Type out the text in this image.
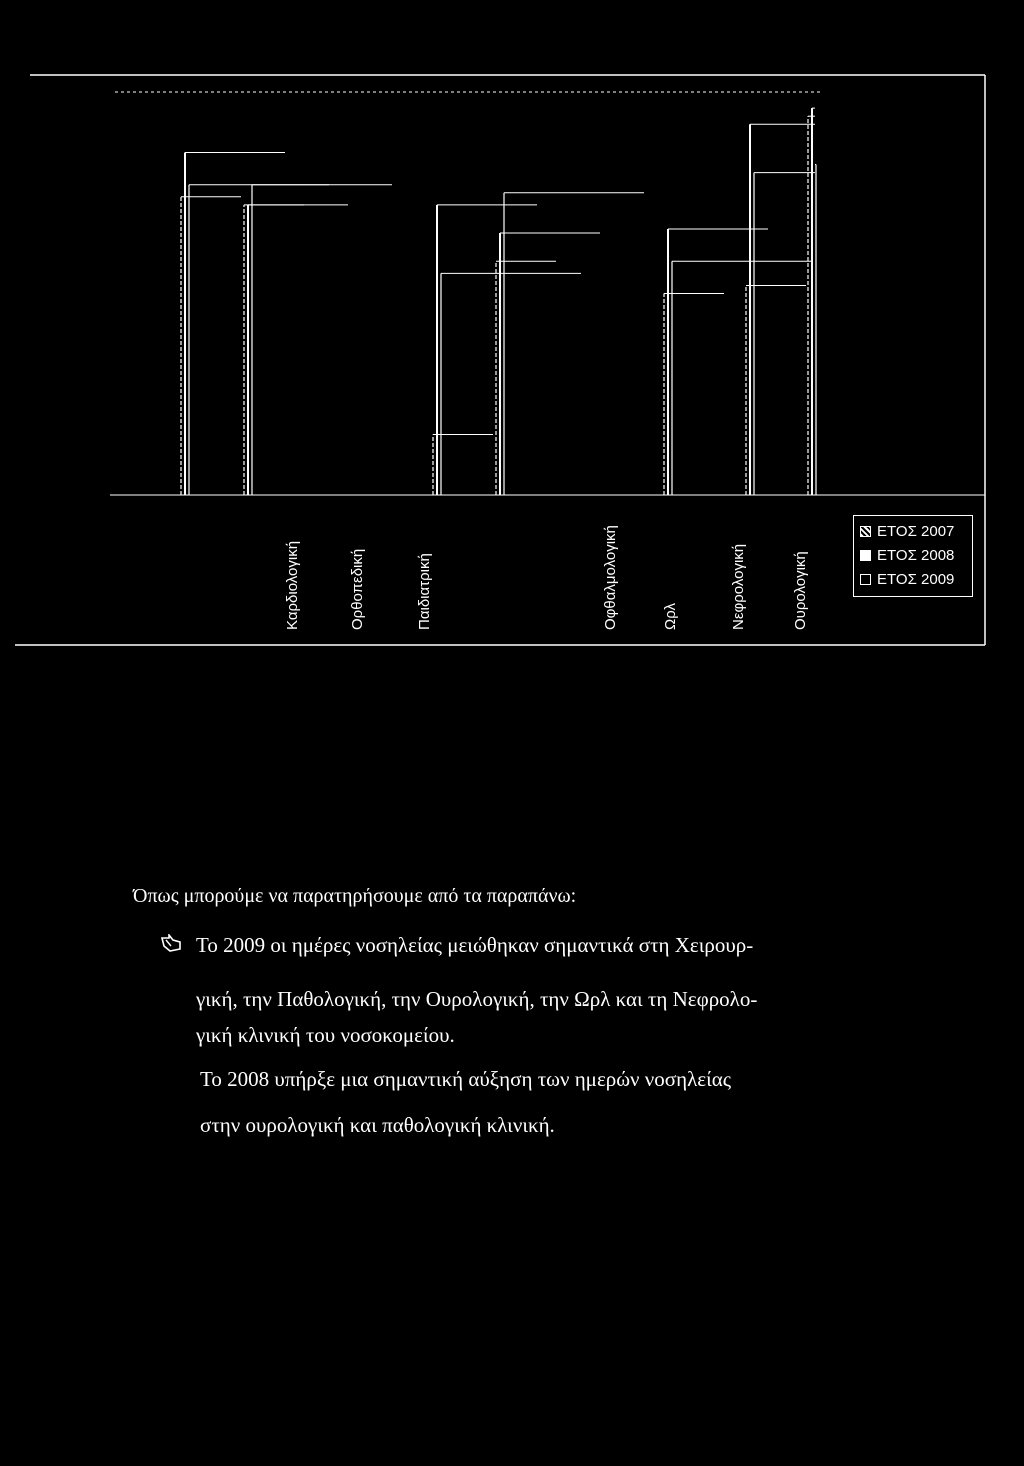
Καρδιολογική	Ορθοπεδική	Παιδιατρική	Οφθαλμολογική	Ωρλ	Νεφρολογική	Ουρολογική
ΕΤΟΣ 2007
ΕΤΟΣ 2008
ΕΤΟΣ 2009
Όπως μπορούμε να παρατηρήσουμε από τα παραπάνω:
Το 2009 οι ημέρες νοσηλείας μειώθηκαν σημαντικά στη Χειρουρ-
γική, την Παθολογική, την Ουρολογική, την Ωρλ και τη Νεφρολο-
γική κλινική του νοσοκομείου.
Το 2008 υπήρξε μια σημαντική αύξηση των ημερών νοσηλείας
στην ουρολογική και παθολογική κλινική.
